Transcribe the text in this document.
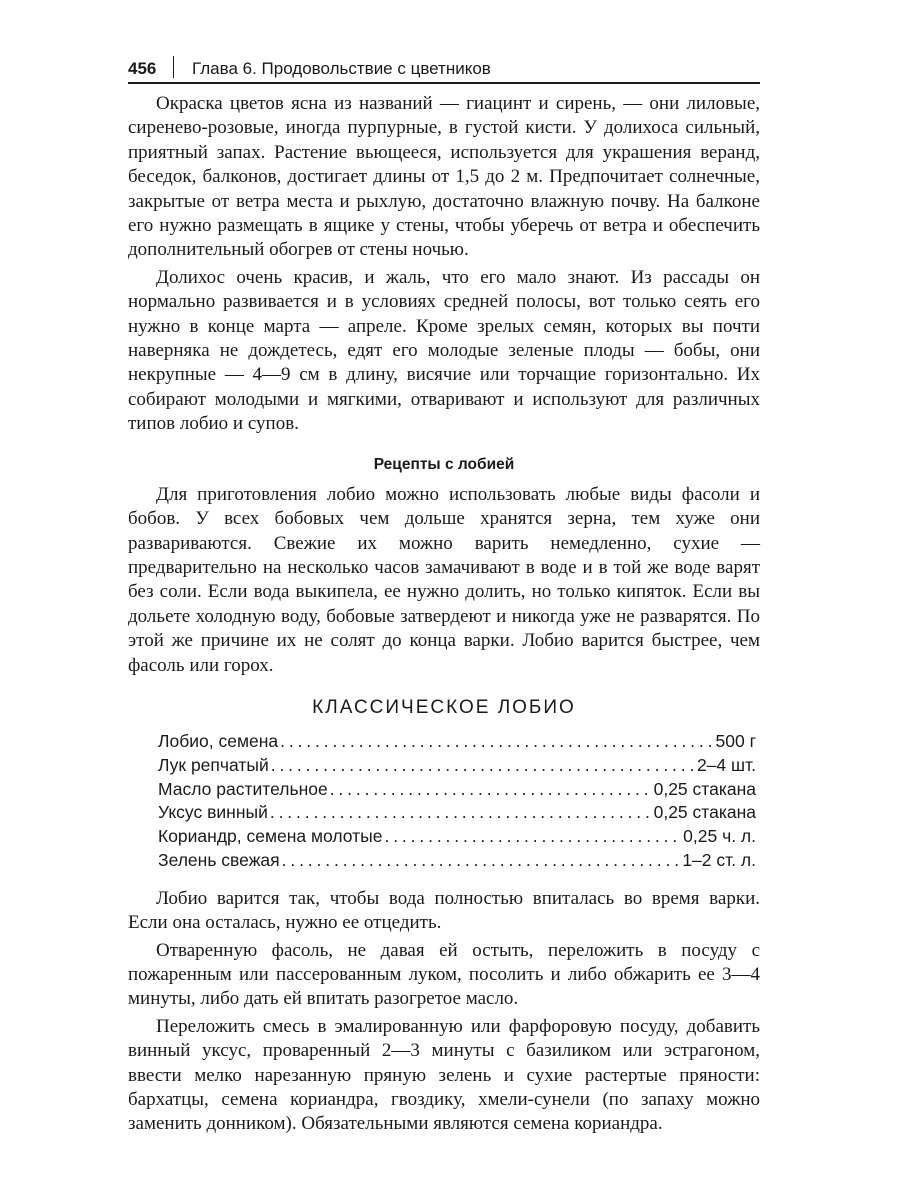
456 Глава 6. Продовольствие с цветников

Окраска цветов ясна из названий — гиацинт и сирень, — они лиловые, сиренево-розовые, иногда пурпурные, в густой кисти. У долихоса сильный, приятный запах. Растение вьющееся, используется для украшения веранд, беседок, балконов, достигает длины от 1,5 до 2 м. Предпочитает солнечные, закрытые от ветра места и рыхлую, достаточно влажную почву. На балконе его нужно размещать в ящике у стены, чтобы уберечь от ветра и обеспечить дополнительный обогрев от стены ночью.

Долихос очень красив, и жаль, что его мало знают. Из рассады он нормально развивается и в условиях средней полосы, вот только сеять его нужно в конце марта — апреле. Кроме зрелых семян, которых вы почти наверняка не дождетесь, едят его молодые зеленые плоды — бобы, они некрупные — 4—9 см в длину, висячие или торчащие горизонтально. Их собирают молодыми и мягкими, отваривают и используют для различных типов лобио и супов.

Рецепты с лобией

Для приготовления лобио можно использовать любые виды фасоли и бобов. У всех бобовых чем дольше хранятся зерна, тем хуже они развариваются. Свежие их можно варить немедленно, сухие — предварительно на несколько часов замачивают в воде и в той же воде варят без соли. Если вода выкипела, ее нужно долить, но только кипяток. Если вы дольете холодную воду, бобовые затвердеют и никогда уже не разварятся. По этой же причине их не солят до конца варки. Лобио варится быстрее, чем фасоль или горох.

КЛАССИЧЕСКОЕ ЛОБИО
Лобио, семена . . .	500 г
Лук репчатый . . .	2–4 шт.
Масло растительное . . .	0,25 стакана
Уксус винный . . .	0,25 стакана
Кориандр, семена молотые . . .	0,25 ч. л.
Зелень свежая . . .	1–2 ст. л.

Лобио варится так, чтобы вода полностью впиталась во время варки. Если она осталась, нужно ее отцедить.

Отваренную фасоль, не давая ей остыть, переложить в посуду с пожаренным или пассерованным луком, посолить и либо обжарить ее 3—4 минуты, либо дать ей впитать разогретое масло.

Переложить смесь в эмалированную или фарфоровую посуду, добавить винный уксус, проваренный 2—3 минуты с базиликом или эстрагоном, ввести мелко нарезанную пряную зелень и сухие растертые пряности: бархатцы, семена кориандра, гвоздику, хмели-сунели (по запаху можно заменить донником). Обязательными являются семена кориандра.
